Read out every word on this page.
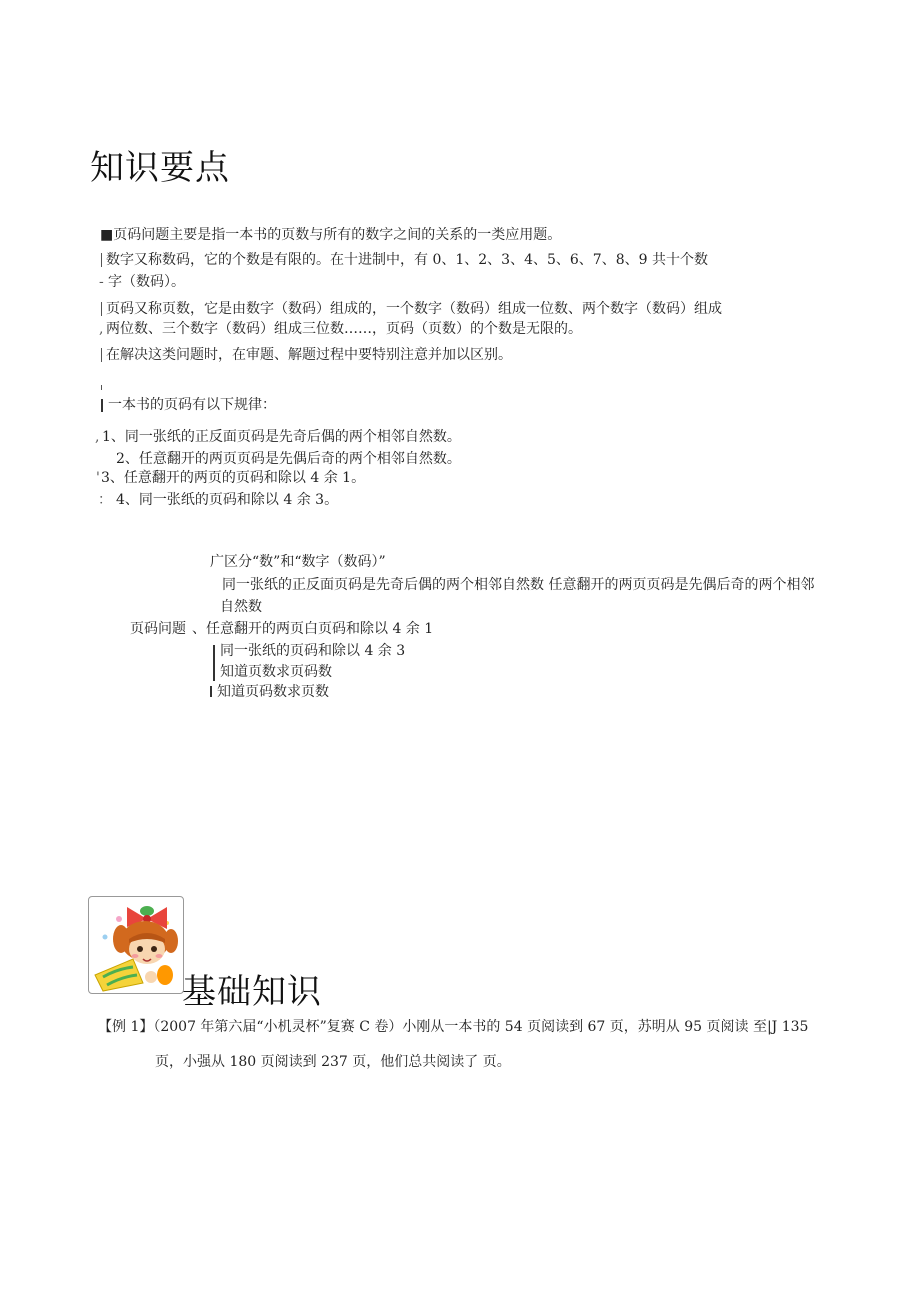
知识要点
■页码问题主要是指一本书的页数与所有的数字之间的关系的一类应用题。
数字又称数码，它的个数是有限的。在十进制中，有 0、1、2、3、4、5、6、7、8、9 共十个数
- 字（数码）。
页码又称页数，它是由数字（数码）组成的，一个数字（数码）组成一位数、两个数字（数码）组成
, 两位数、三个数字（数码）组成三位数……，页码（页数）的个数是无限的。
在解决这类问题时，在审题、解题过程中要特别注意并加以区别。
一本书的页码有以下规律：
, 1、同一张纸的正反面页码是先奇后偶的两个相邻自然数。
2、任意翻开的两页页码是先偶后奇的两个相邻自然数。
' 3、任意翻开的两页的页码和除以 4 余 1。
： 4、同一张纸的页码和除以 4 余 3。
广区分“数”和“数字（数码）”
同一张纸的正反面页码是先奇后偶的两个相邻自然数 任意翻开的两页页码是先偶后奇的两个相邻
自然数
页码问题 、任意翻开的两页白页码和除以 4 余 1
同一张纸的页码和除以 4 余 3
知道页数求页码数
知道页码数求页数
基础知识
【例 1】（2007 年第六届“小机灵杯”复赛 C 卷）小刚从一本书的 54 页阅读到 67 页，苏明从 95 页阅读 至|J 135
页，小强从 180 页阅读到 237 页，他们总共阅读了 页。
